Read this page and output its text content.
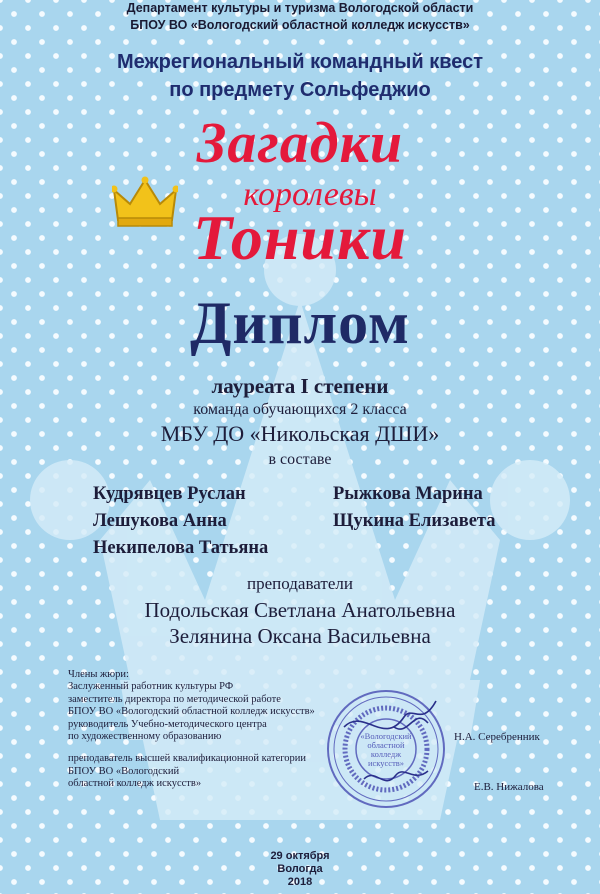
Департамент культуры и туризма Вологодской области
БПОУ ВО «Вологодский областной колледж искусств»
Межрегиональный командный квест
по предмету Сольфеджио
Загадки
королевы
Тоники
Диплом
лауреата I степени
команда обучающихся 2 класса
МБУ ДО «Никольская ДШИ»
в составе
Кудрявцев Руслан
Лешукова Анна
Некипелова Татьяна
Рыжкова Марина
Щукина Елизавета
преподаватели
Подольская Светлана Анатольевна
Зелянина Оксана Васильевна
Члены жюри:
Заслуженный работник культуры РФ
заместитель директора по методической работе
БПОУ ВО «Вологодский областной колледж искусств»
руководитель Учебно-методического центра
по художественному образованию
преподаватель высшей квалификационной категории
БПОУ ВО «Вологодский
областной колледж искусств»
«Вологодский
областной
колледж
искусств»
Н.А. Серебренник
Е.В. Нижалова
29 октября
Вологда
2018
